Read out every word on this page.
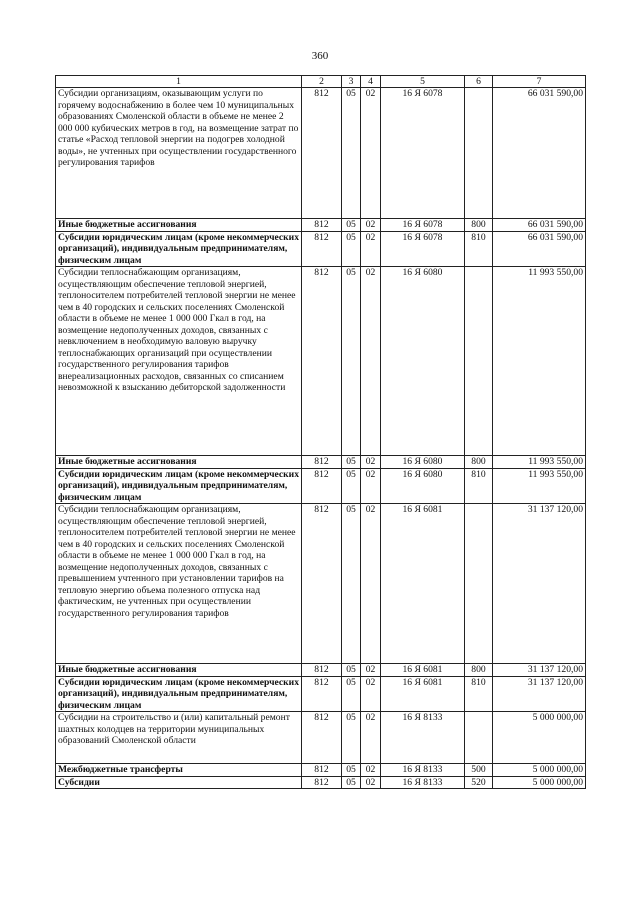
360
1	2	3	4	5	6	7
Субсидии организациям, оказывающим услуги по горячему водоснабжению в более чем 10 муниципальных образованиях Смоленской области в объеме не менее 2 000 000 кубических метров в год, на возмещение затрат по статье «Расход тепловой энергии на подогрев холодной воды», не учтенных при осуществлении государственного регулирования тарифов	812	05	02	16 Я 6078		66 031 590,00
Иные бюджетные ассигнования	812	05	02	16 Я 6078	800	66 031 590,00
Субсидии юридическим лицам (кроме некоммерческих организаций), индивидуальным предпринимателям, физическим лицам	812	05	02	16 Я 6078	810	66 031 590,00
Субсидии теплоснабжающим организациям, осуществляющим обеспечение тепловой энергией, теплоносителем потребителей тепловой энергии не менее чем в 40 городских и сельских поселениях Смоленской области в объеме не менее 1 000 000 Гкал в год, на возмещение недополученных доходов, связанных с невключением в необходимую валовую выручку теплоснабжающих организаций при осуществлении государственного регулирования тарифов внереализационных расходов, связанных со списанием невозможной к взысканию дебиторской задолженности	812	05	02	16 Я 6080		11 993 550,00
Иные бюджетные ассигнования	812	05	02	16 Я 6080	800	11 993 550,00
Субсидии юридическим лицам (кроме некоммерческих организаций), индивидуальным предпринимателям, физическим лицам	812	05	02	16 Я 6080	810	11 993 550,00
Субсидии теплоснабжающим организациям, осуществляющим обеспечение тепловой энергией, теплоносителем потребителей тепловой энергии не менее чем в 40 городских и сельских поселениях Смоленской области в объеме не менее 1 000 000 Гкал в год, на возмещение недополученных доходов, связанных с превышением учтенного при установлении тарифов на тепловую энергию объема полезного отпуска над фактическим, не учтенных при осуществлении государственного регулирования тарифов	812	05	02	16 Я 6081		31 137 120,00
Иные бюджетные ассигнования	812	05	02	16 Я 6081	800	31 137 120,00
Субсидии юридическим лицам (кроме некоммерческих организаций), индивидуальным предпринимателям, физическим лицам	812	05	02	16 Я 6081	810	31 137 120,00
Субсидии на строительство и (или) капитальный ремонт шахтных колодцев на территории муниципальных образований Смоленской области	812	05	02	16 Я 8133		5 000 000,00
Межбюджетные трансферты	812	05	02	16 Я 8133	500	5 000 000,00
Субсидии	812	05	02	16 Я 8133	520	5 000 000,00
